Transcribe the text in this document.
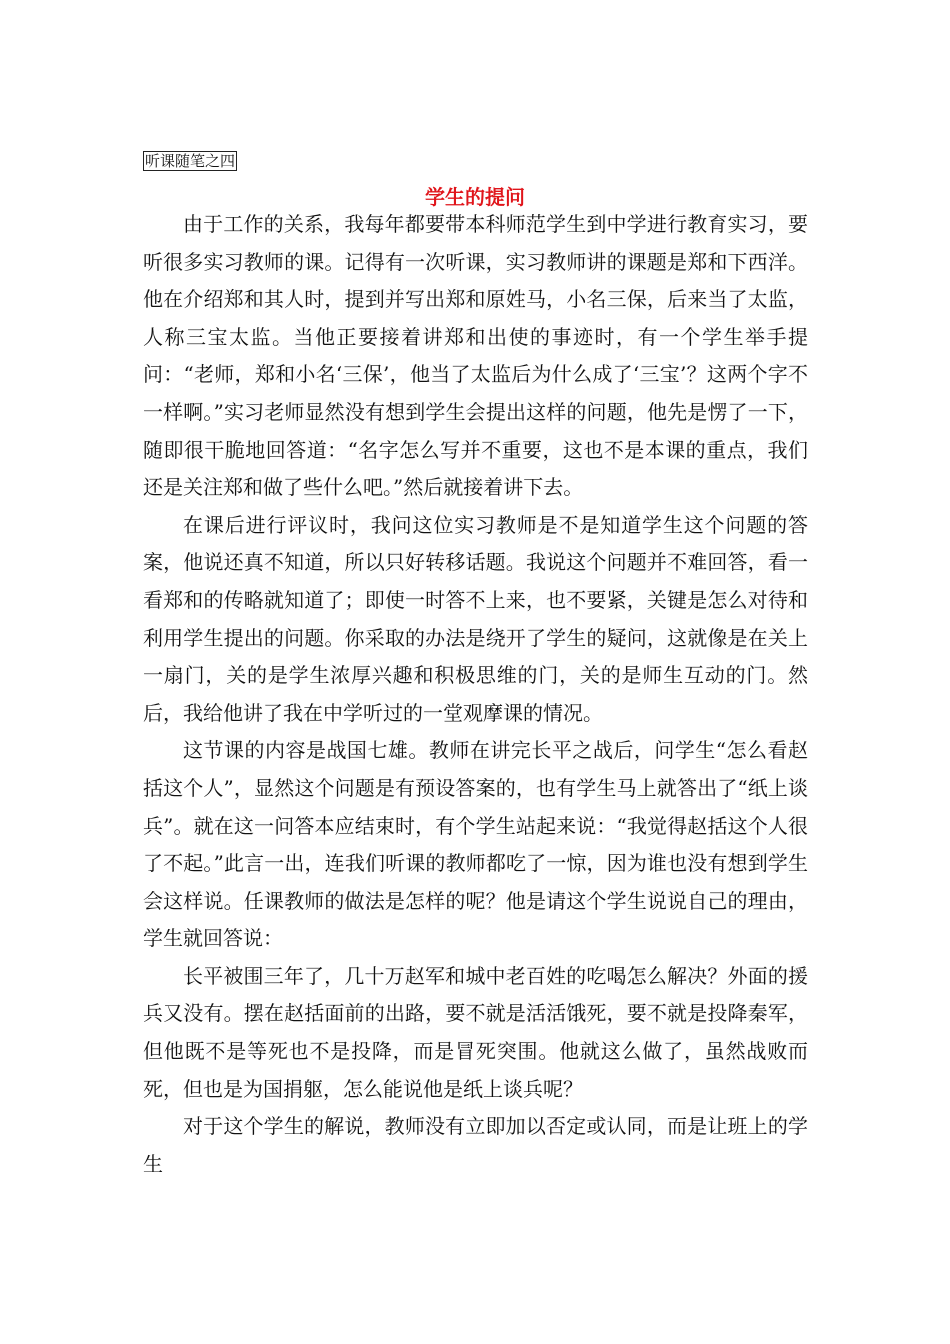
听课随笔之四
学生的提问

由于工作的关系，我每年都要带本科师范学生到中学进行教育实习，要听很多实习教师的课。记得有一次听课，实习教师讲的课题是郑和下西洋。他在介绍郑和其人时，提到并写出郑和原姓马，小名三保，后来当了太监，人称三宝太监。当他正要接着讲郑和出使的事迹时，有一个学生举手提问：“老师，郑和小名‘三保’，他当了太监后为什么成了‘三宝’？这两个字不一样啊。”实习老师显然没有想到学生会提出这样的问题，他先是愣了一下，随即很干脆地回答道：“名字怎么写并不重要，这也不是本课的重点，我们还是关注郑和做了些什么吧。”然后就接着讲下去。

在课后进行评议时，我问这位实习教师是不是知道学生这个问题的答案，他说还真不知道，所以只好转移话题。我说这个问题并不难回答，看一看郑和的传略就知道了；即使一时答不上来，也不要紧，关键是怎么对待和利用学生提出的问题。你采取的办法是绕开了学生的疑问，这就像是在关上一扇门，关的是学生浓厚兴趣和积极思维的门，关的是师生互动的门。然后，我给他讲了我在中学听过的一堂观摩课的情况。

这节课的内容是战国七雄。教师在讲完长平之战后，问学生“怎么看赵括这个人”，显然这个问题是有预设答案的，也有学生马上就答出了“纸上谈兵”。就在这一问答本应结束时，有个学生站起来说：“我觉得赵括这个人很了不起。”此言一出，连我们听课的教师都吃了一惊，因为谁也没有想到学生会这样说。任课教师的做法是怎样的呢？他是请这个学生说说自己的理由，学生就回答说：

长平被围三年了，几十万赵军和城中老百姓的吃喝怎么解决？外面的援兵又没有。摆在赵括面前的出路，要不就是活活饿死，要不就是投降秦军，但他既不是等死也不是投降，而是冒死突围。他就这么做了，虽然战败而死，但也是为国捐躯，怎么能说他是纸上谈兵呢？

对于这个学生的解说，教师没有立即加以否定或认同，而是让班上的学生
